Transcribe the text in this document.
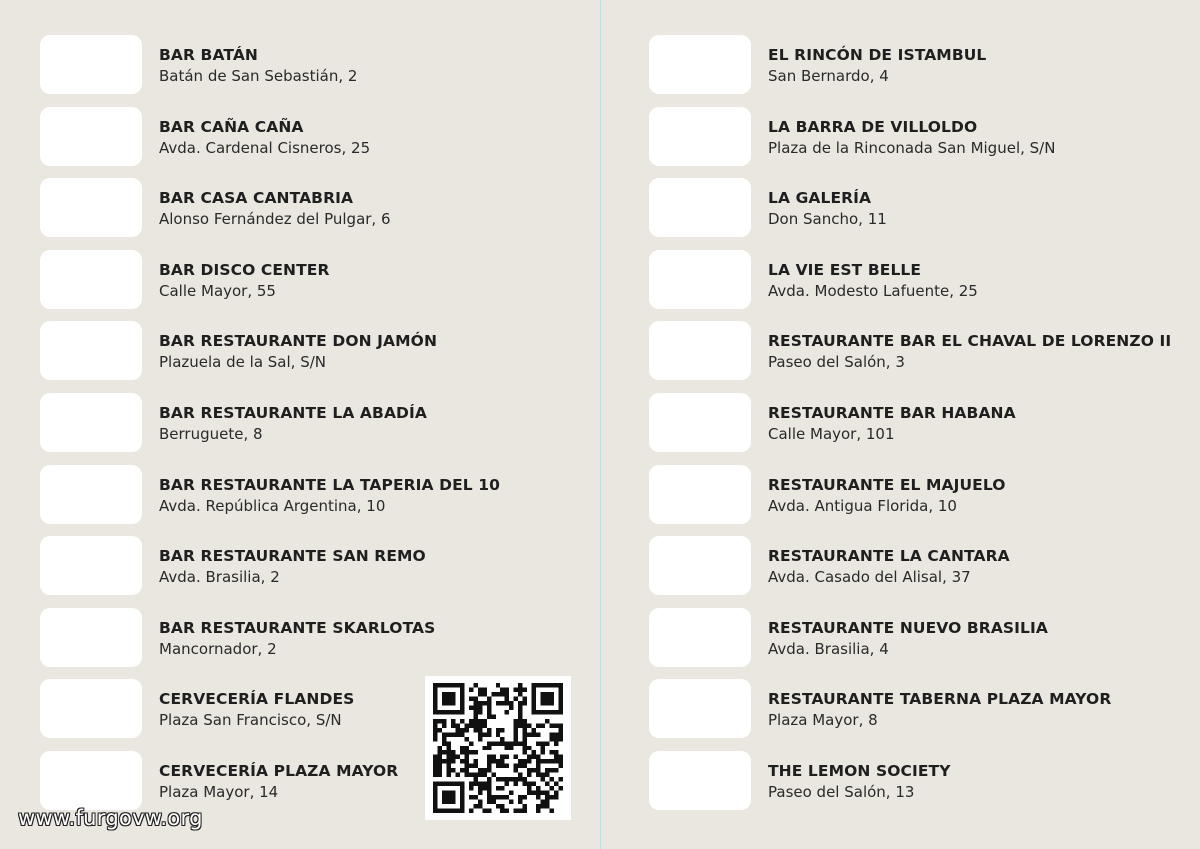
BAR BATÁN
Batán de San Sebastián, 2
BAR CAÑA CAÑA
Avda. Cardenal Cisneros, 25
BAR CASA CANTABRIA
Alonso Fernández del Pulgar, 6
BAR DISCO CENTER
Calle Mayor, 55
BAR RESTAURANTE DON JAMÓN
Plazuela de la Sal, S/N
BAR RESTAURANTE LA ABADÍA
Berruguete, 8
BAR RESTAURANTE LA TAPERIA DEL 10
Avda. República Argentina, 10
BAR RESTAURANTE SAN REMO
Avda. Brasilia, 2
BAR RESTAURANTE SKARLOTAS
Mancornador, 2
CERVECERÍA FLANDES
Plaza San Francisco, S/N
CERVECERÍA PLAZA MAYOR
Plaza Mayor, 14
EL RINCÓN DE ISTAMBUL
San Bernardo, 4
LA BARRA DE VILLOLDO
Plaza de la Rinconada San Miguel, S/N
LA GALERÍA
Don Sancho, 11
LA VIE EST BELLE
Avda. Modesto Lafuente, 25
RESTAURANTE BAR EL CHAVAL DE LORENZO II
Paseo del Salón, 3
RESTAURANTE BAR HABANA
Calle Mayor, 101
RESTAURANTE EL MAJUELO
Avda. Antigua Florida, 10
RESTAURANTE LA CANTARA
Avda. Casado del Alisal, 37
RESTAURANTE NUEVO BRASILIA
Avda. Brasilia, 4
RESTAURANTE TABERNA PLAZA MAYOR
Plaza Mayor, 8
THE LEMON SOCIETY
Paseo del Salón, 13
www.furgovw.org
